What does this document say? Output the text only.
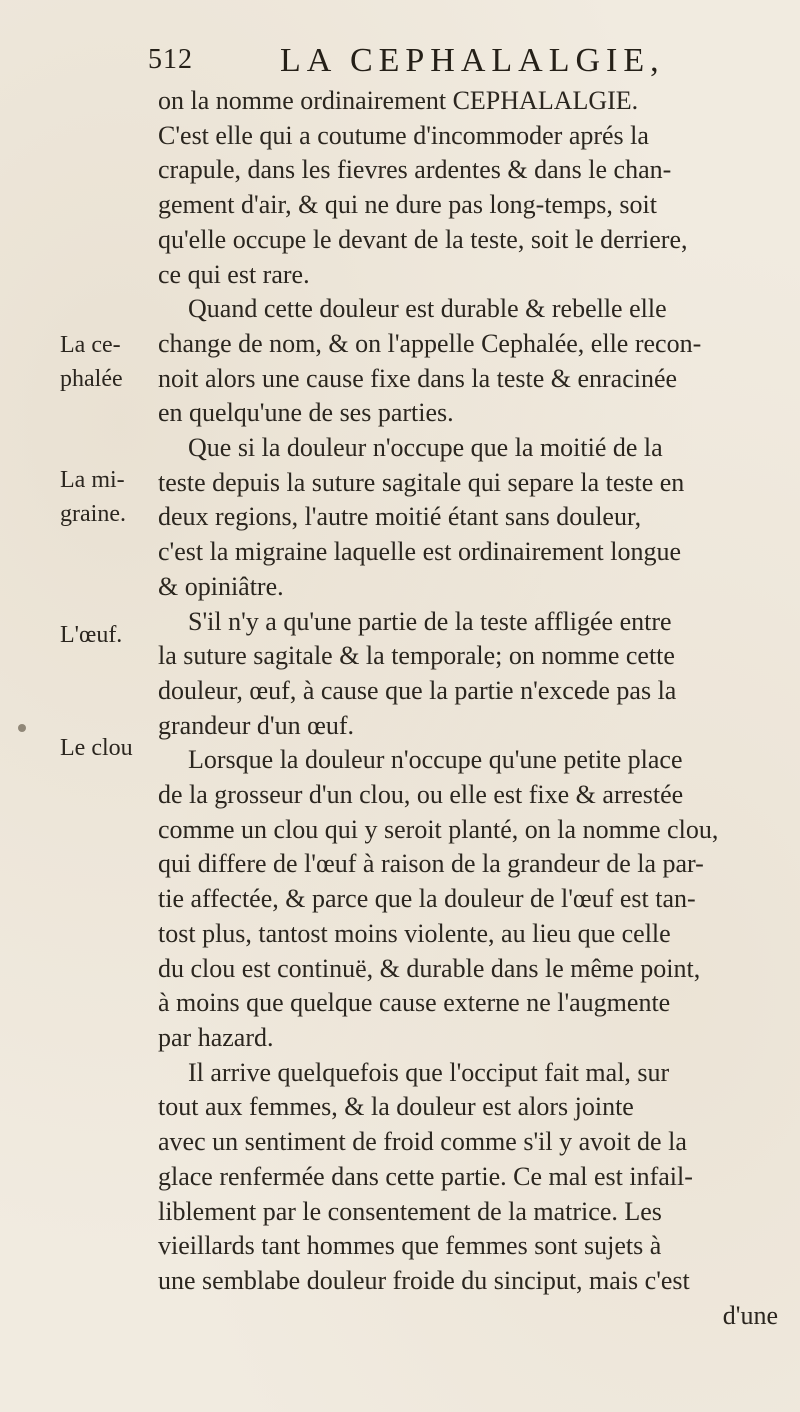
512	LA CEPHALALGIE,
La ce-
phalée
La mi-
graine.
L'œuf.
Le clou
on la nomme ordinairement CEPHALALGIE.
C'est elle qui a coutume d'incommoder aprés la
crapule, dans les fievres ardentes & dans le chan-
gement d'air, & qui ne dure pas long-temps, soit
qu'elle occupe le devant de la teste, soit le derriere,
ce qui est rare.
Quand cette douleur est durable & rebelle elle
change de nom, & on l'appelle Cephalée, elle recon-
noit alors une cause fixe dans la teste & enracinée
en quelqu'une de ses parties.
Que si la douleur n'occupe que la moitié de la
teste depuis la suture sagitale qui separe la teste en
deux regions, l'autre moitié étant sans douleur,
c'est la migraine laquelle est ordinairement longue
& opiniâtre.
S'il n'y a qu'une partie de la teste affligée entre
la suture sagitale & la temporale; on nomme cette
douleur, œuf, à cause que la partie n'excede pas la
grandeur d'un œuf.
Lorsque la douleur n'occupe qu'une petite place
de la grosseur d'un clou, ou elle est fixe & arrestée
comme un clou qui y seroit planté, on la nomme clou,
qui differe de l'œuf à raison de la grandeur de la par-
tie affectée, & parce que la douleur de l'œuf est tan-
tost plus, tantost moins violente, au lieu que celle
du clou est continuë, & durable dans le même point,
à moins que quelque cause externe ne l'augmente
par hazard.
Il arrive quelquefois que l'occiput fait mal, sur
tout aux femmes, & la douleur est alors jointe
avec un sentiment de froid comme s'il y avoit de la
glace renfermée dans cette partie. Ce mal est infail-
liblement par le consentement de la matrice. Les
vieillards tant hommes que femmes sont sujets à
une semblabe douleur froide du sinciput, mais c'est
d'une
